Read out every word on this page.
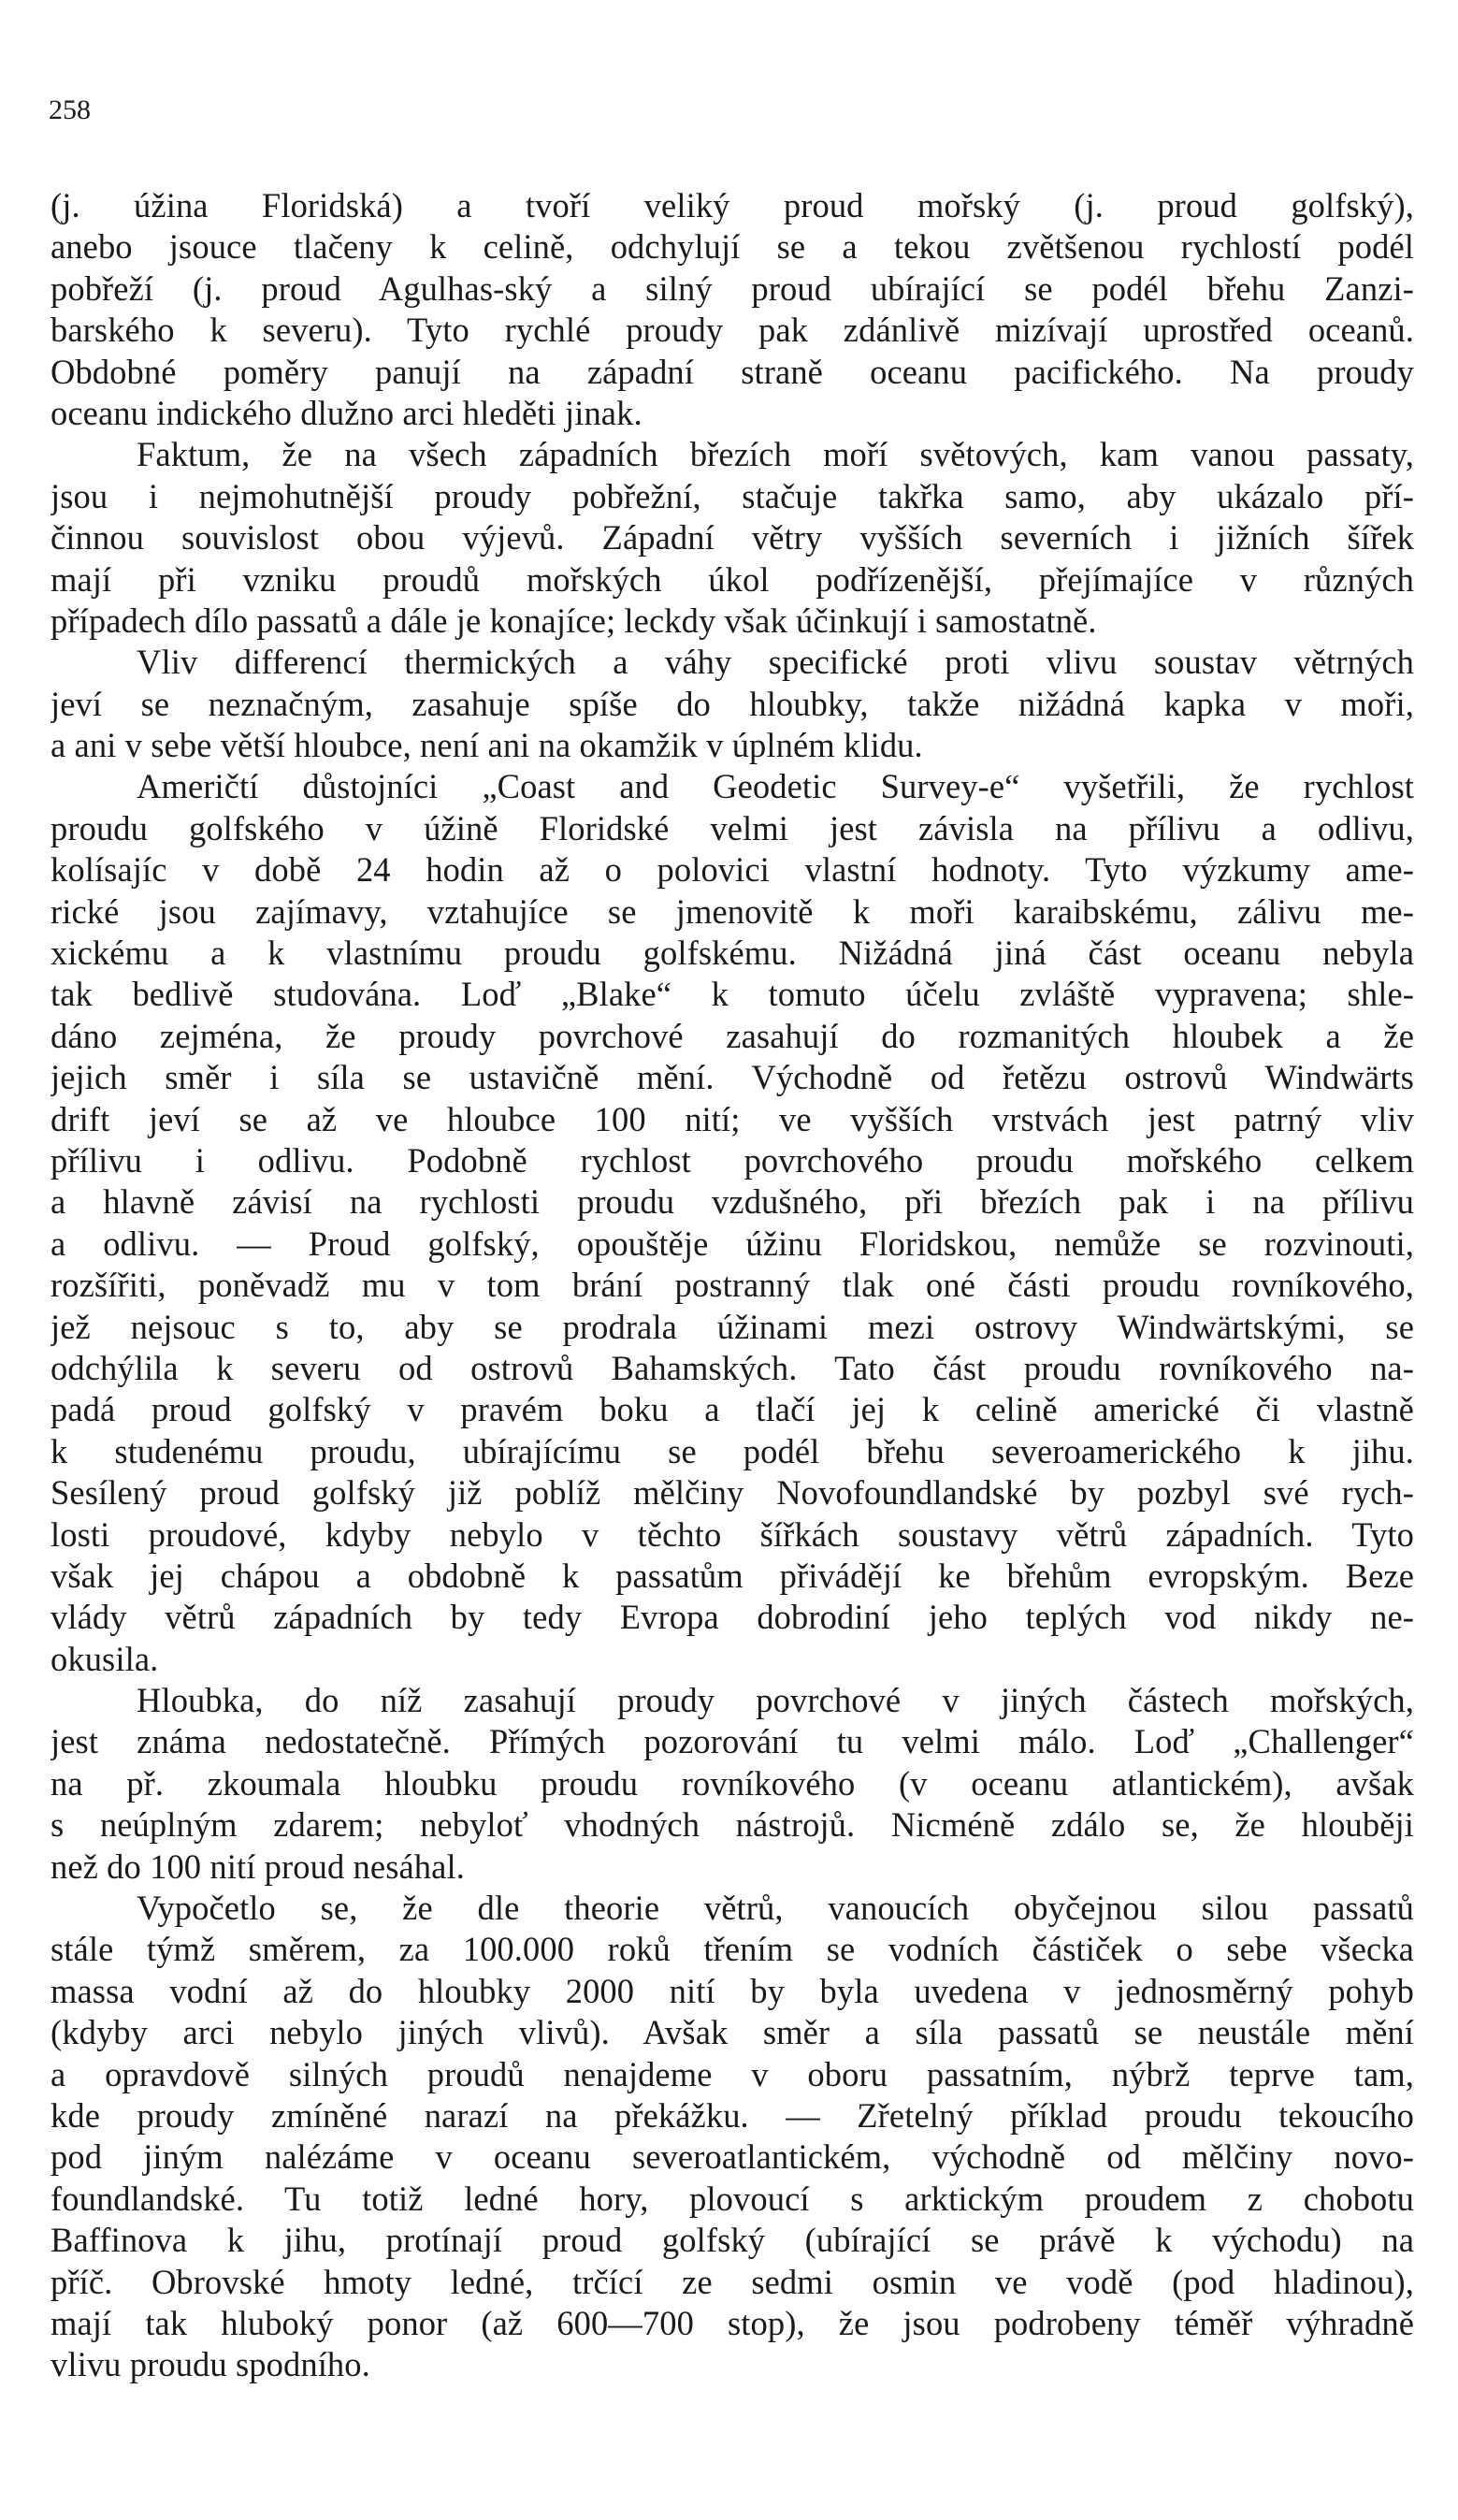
258
(j. úžina Floridská) a tvoří veliký proud mořský (j. proud golfský),
anebo jsouce tlačeny k celině, odchylují se a tekou zvětšenou rychlostí podél
pobřeží (j. proud Agulhas-ský a silný proud ubírající se podél břehu Zanzi-
barského k severu). Tyto rychlé proudy pak zdánlivě mizívají uprostřed oceanů.
Obdobné poměry panují na západní straně oceanu pacifického. Na proudy
oceanu indického dlužno arci hleděti jinak.
Faktum, že na všech západních březích moří světových, kam vanou passaty,
jsou i nejmohutnější proudy pobřežní, stačuje takřka samo, aby ukázalo pří-
činnou souvislost obou výjevů. Západní větry vyšších severních i jižních šířek
mají při vzniku proudů mořských úkol podřízenější, přejímajíce v různých
případech dílo passatů a dále je konajíce; leckdy však účinkují i samostatně.
Vliv differencí thermických a váhy specifické proti vlivu soustav větrných
jeví se neznačným, zasahuje spíše do hloubky, takže nižádná kapka v moři,
a ani v sebe větší hloubce, není ani na okamžik v úplném klidu.
Američtí důstojníci „Coast and Geodetic Survey-e“ vyšetřili, že rychlost
proudu golfského v úžině Floridské velmi jest závisla na přílivu a odlivu,
kolísajíc v době 24 hodin až o polovici vlastní hodnoty. Tyto výzkumy ame-
rické jsou zajímavy, vztahujíce se jmenovitě k moři karaibskému, zálivu me-
xickému a k vlastnímu proudu golfskému. Nižádná jiná část oceanu nebyla
tak bedlivě studována. Loď „Blake“ k tomuto účelu zvláště vypravena; shle-
dáno zejména, že proudy povrchové zasahují do rozmanitých hloubek a že
jejich směr i síla se ustavičně mění. Východně od řetězu ostrovů Windwärts
drift jeví se až ve hloubce 100 nití; ve vyšších vrstvách jest patrný vliv
přílivu i odlivu. Podobně rychlost povrchového proudu mořského celkem
a hlavně závisí na rychlosti proudu vzdušného, při březích pak i na přílivu
a odlivu. — Proud golfský, opouštěje úžinu Floridskou, nemůže se rozvinouti,
rozšířiti, poněvadž mu v tom brání postranný tlak oné části proudu rovníkového,
jež nejsouc s to, aby se prodrala úžinami mezi ostrovy Windwärtskými, se
odchýlila k severu od ostrovů Bahamských. Tato část proudu rovníkového na-
padá proud golfský v pravém boku a tlačí jej k celině americké či vlastně
k studenému proudu, ubírajícímu se podél břehu severoamerického k jihu.
Sesílený proud golfský již poblíž mělčiny Novofoundlandské by pozbyl své rych-
losti proudové, kdyby nebylo v těchto šířkách soustavy větrů západních. Tyto
však jej chápou a obdobně k passatům přivádějí ke břehům evropským. Beze
vlády větrů západních by tedy Evropa dobrodiní jeho teplých vod nikdy ne-
okusila.
Hloubka, do níž zasahují proudy povrchové v jiných částech mořských,
jest známa nedostatečně. Přímých pozorování tu velmi málo. Loď „Challenger“
na př. zkoumala hloubku proudu rovníkového (v oceanu atlantickém), avšak
s neúplným zdarem; nebyloť vhodných nástrojů. Nicméně zdálo se, že hlouběji
než do 100 nití proud nesáhal.
Vypočetlo se, že dle theorie větrů, vanoucích obyčejnou silou passatů
stále týmž směrem, za 100.000 roků třením se vodních částiček o sebe všecka
massa vodní až do hloubky 2000 nití by byla uvedena v jednosměrný pohyb
(kdyby arci nebylo jiných vlivů). Avšak směr a síla passatů se neustále mění
a opravdově silných proudů nenajdeme v oboru passatním, nýbrž teprve tam,
kde proudy zmíněné narazí na překážku. — Zřetelný příklad proudu tekoucího
pod jiným nalézáme v oceanu severoatlantickém, východně od mělčiny novo-
foundlandské. Tu totiž ledné hory, plovoucí s arktickým proudem z chobotu
Baffinova k jihu, protínají proud golfský (ubírající se právě k východu) na
příč. Obrovské hmoty ledné, trčící ze sedmi osmin ve vodě (pod hladinou),
mají tak hluboký ponor (až 600—700 stop), že jsou podrobeny téměř výhradně
vlivu proudu spodního.
